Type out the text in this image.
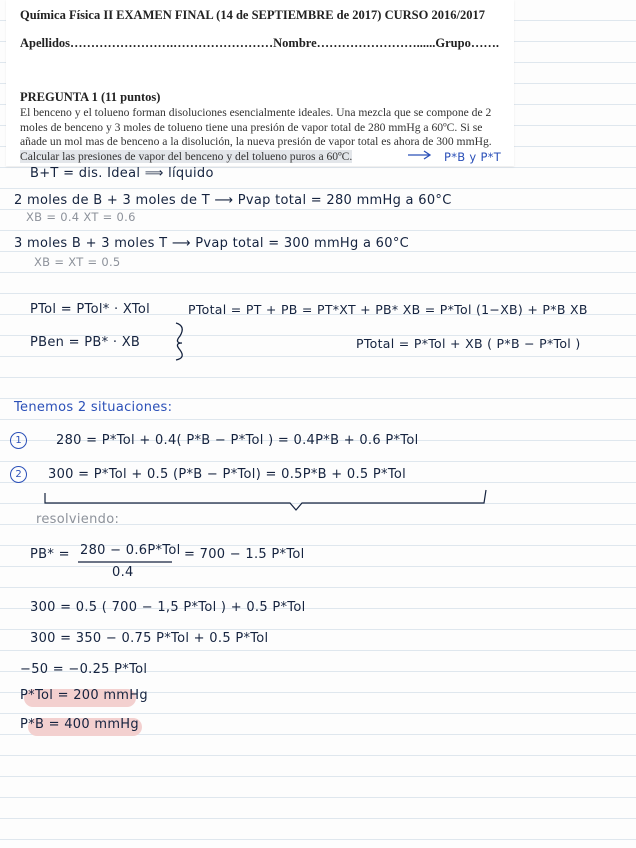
Química Física II EXAMEN FINAL (14 de SEPTIEMBRE de 2017) CURSO 2016/2017
Apellidos…………………….……………………Nombre……………………......Grupo…….
PREGUNTA 1 (11 puntos)
El benceno y el tolueno forman disoluciones esencialmente ideales. Una mezcla que se compone de 2 moles de benceno y 3 moles de tolueno tiene una presión de vapor total de 280 mmHg a 60ºC. Si se añade un mol mas de benceno a la disolución, la nueva presión de vapor total es ahora de 300 mmHg. Calcular las presiones de vapor del benceno y del tolueno puros a 60ºC.	P*B y P*T
B+T = dis. Ideal ⟹ líquido
2 moles de B + 3 moles de T ⟶ Pvap total = 280 mmHg a 60°C
XB = 0.4 XT = 0.6
3 moles B + 3 moles T ⟶ Pvap total = 300 mmHg a 60°C
XB = XT = 0.5
PTol = PTol* · XTol
PBen = PB* · XB
PTotal = PT + PB = PT*XT + PB* XB = P*Tol (1−XB) + P*B XB
PTotal = P*Tol + XB ( P*B − P*Tol )
Tenemos 2 situaciones:
1	280 = P*Tol + 0.4( P*B − P*Tol ) = 0.4P*B + 0.6 P*Tol
2	300 = P*Tol + 0.5 (P*B − P*Tol) = 0.5P*B + 0.5 P*Tol
resolviendo:
PB* = 280 − 0.6P*Tol
0.4
= 700 − 1.5 P*Tol
300 = 0.5 ( 700 − 1,5 P*Tol ) + 0.5 P*Tol
300 = 350 − 0.75 P*Tol + 0.5 P*Tol
−50 = −0.25 P*Tol
P*Tol = 200 mmHg
P*B = 400 mmHg
